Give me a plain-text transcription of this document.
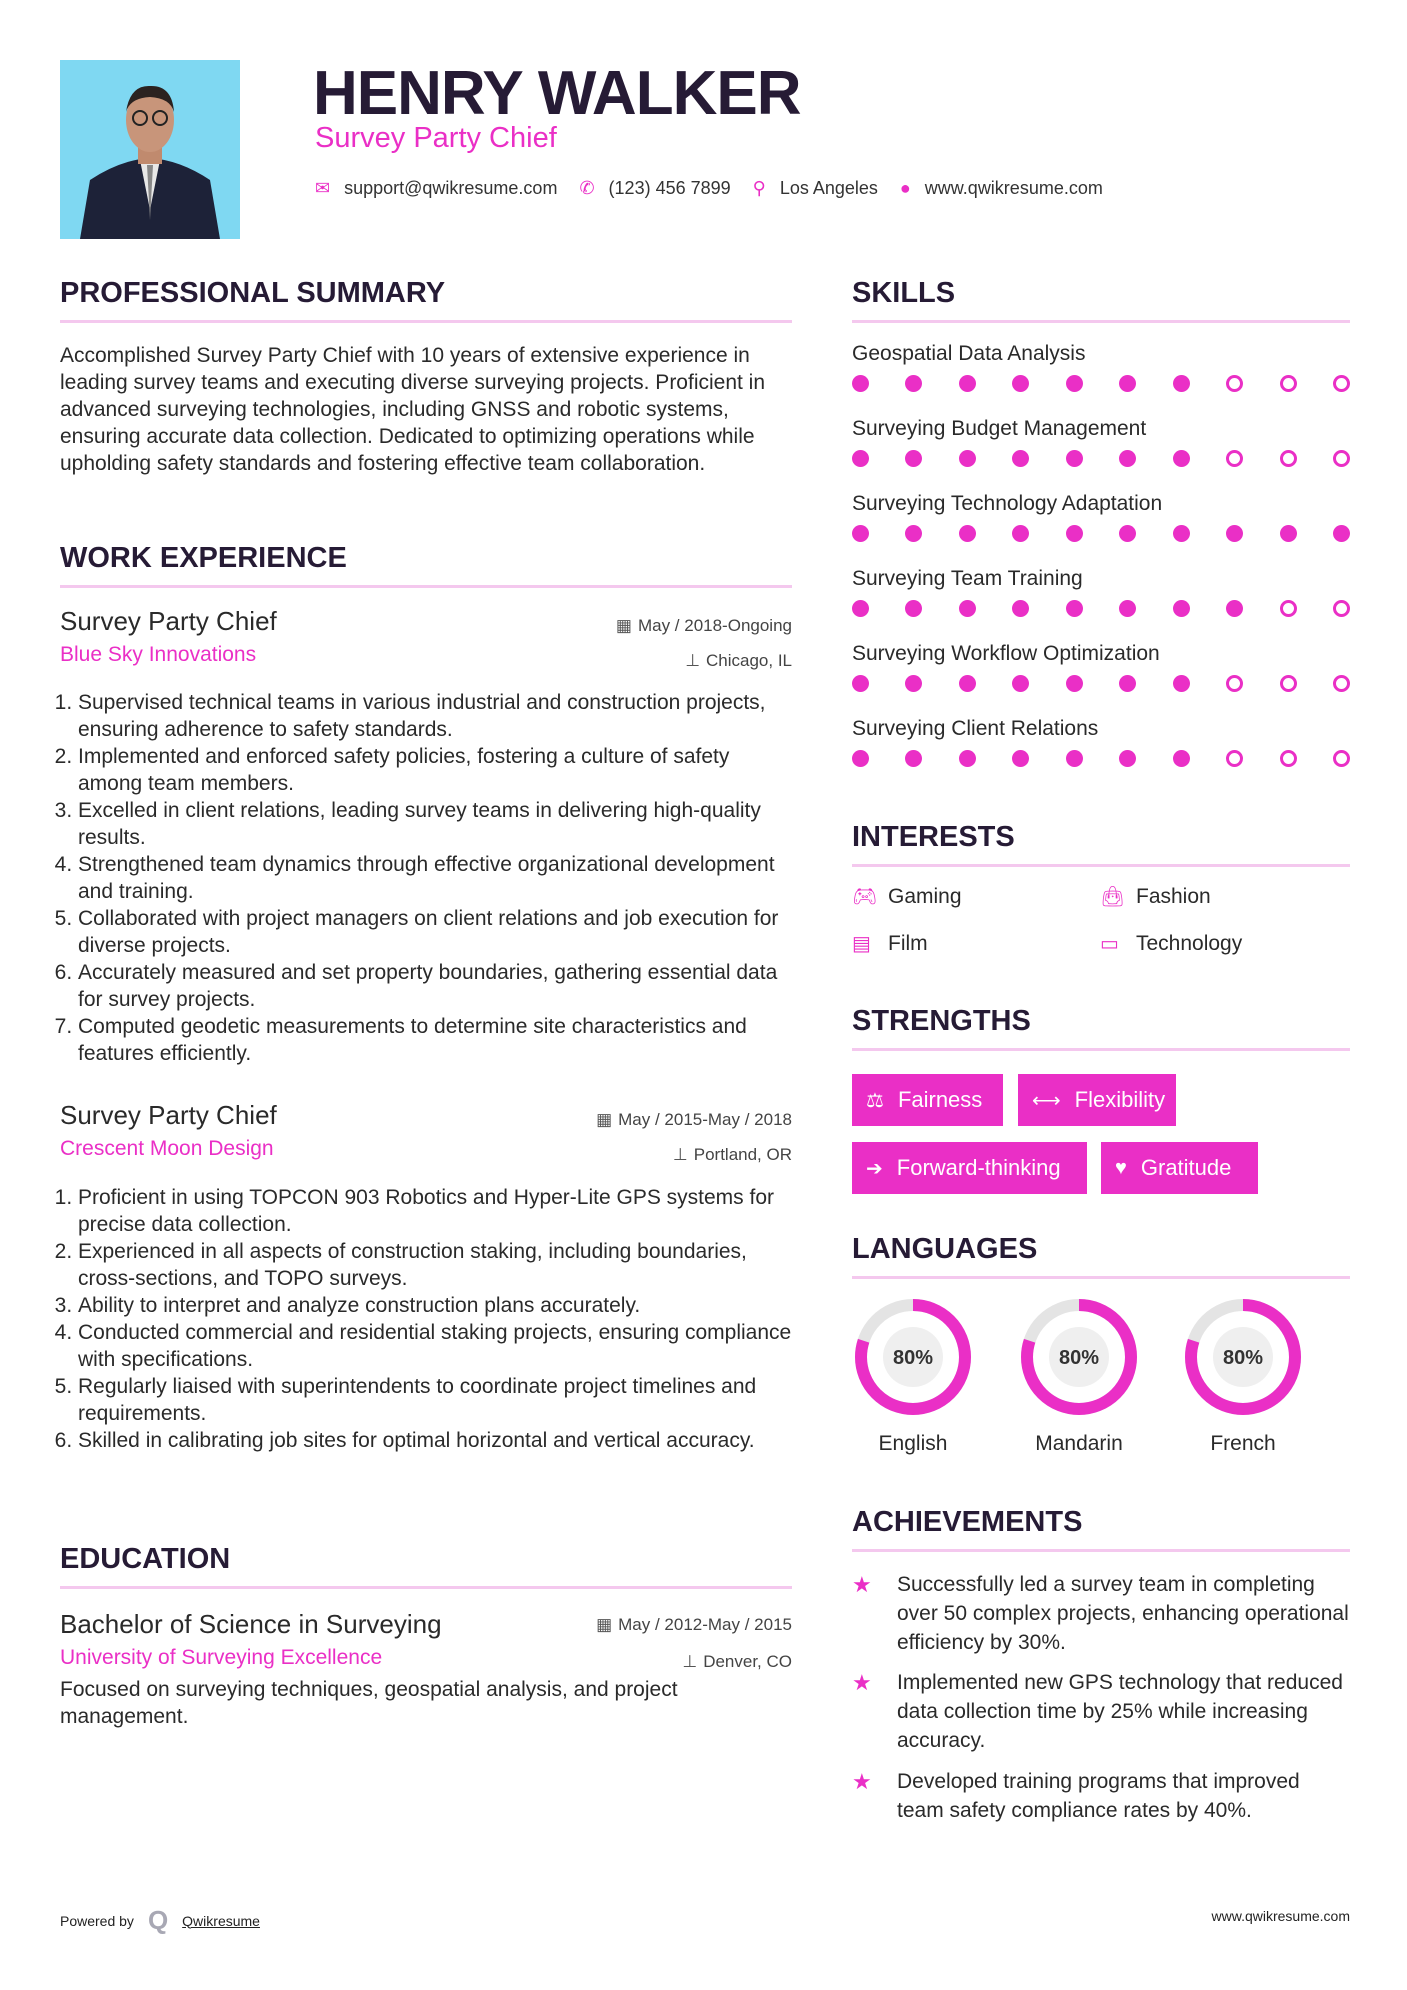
HENRY WALKER
Survey Party Chief
✉ support@qwikresume.com ✆ (123) 456 7899 ⚲ Los Angeles ● www.qwikresume.com
PROFESSIONAL SUMMARY

Accomplished Survey Party Chief with 10 years of extensive experience in leading survey teams and executing diverse surveying projects. Proficient in advanced surveying technologies, including GNSS and robotic systems, ensuring accurate data collection. Dedicated to optimizing operations while upholding safety standards and fostering effective team collaboration.

WORK EXPERIENCE
Survey Party Chief
Blue Sky Innovations
▦ May / 2018-Ongoing
⊥ Chicago, IL
1. Supervised technical teams in various industrial and construction projects, ensuring adherence to safety standards.
2. Implemented and enforced safety policies, fostering a culture of safety among team members.
3. Excelled in client relations, leading survey teams in delivering high-quality results.
4. Strengthened team dynamics through effective organizational development and training.
5. Collaborated with project managers on client relations and job execution for diverse projects.
6. Accurately measured and set property boundaries, gathering essential data for survey projects.
7. Computed geodetic measurements to determine site characteristics and features efficiently.
Survey Party Chief
Crescent Moon Design
▦ May / 2015-May / 2018
⊥ Portland, OR
1. Proficient in using TOPCON 903 Robotics and Hyper-Lite GPS systems for precise data collection.
2. Experienced in all aspects of construction staking, including boundaries, cross-sections, and TOPO surveys.
3. Ability to interpret and analyze construction plans accurately.
4. Conducted commercial and residential staking projects, ensuring compliance with specifications.
5. Regularly liaised with superintendents to coordinate project timelines and requirements.
6. Skilled in calibrating job sites for optimal horizontal and vertical accuracy.
EDUCATION
Bachelor of Science in Surveying
University of Surveying Excellence
▦ May / 2012-May / 2015
⊥ Denver, CO

Focused on surveying techniques, geospatial analysis, and project management.

SKILLS
Geospatial Data Analysis
Surveying Budget Management
Surveying Technology Adaptation
Surveying Team Training
Surveying Workflow Optimization
Surveying Client Relations
INTERESTS
🎮︎ Gaming	👜︎ Fashion
▤ Film	▭ Technology
STRENGTHS
⚖ Fairness ⟷ Flexibility
➔ Forward-thinking	♥ Gratitude
LANGUAGES
80%
English
80%
Mandarin
80%
French
ACHIEVEMENTS
★	Successfully led a survey team in completing over 50 complex projects, enhancing operational efficiency by 30%.
★	Implemented new GPS technology that reduced data collection time by 25% while increasing accuracy.
★	Developed training programs that improved team safety compliance rates by 40%.
Powered by Q Qwikresume	www.qwikresume.com
